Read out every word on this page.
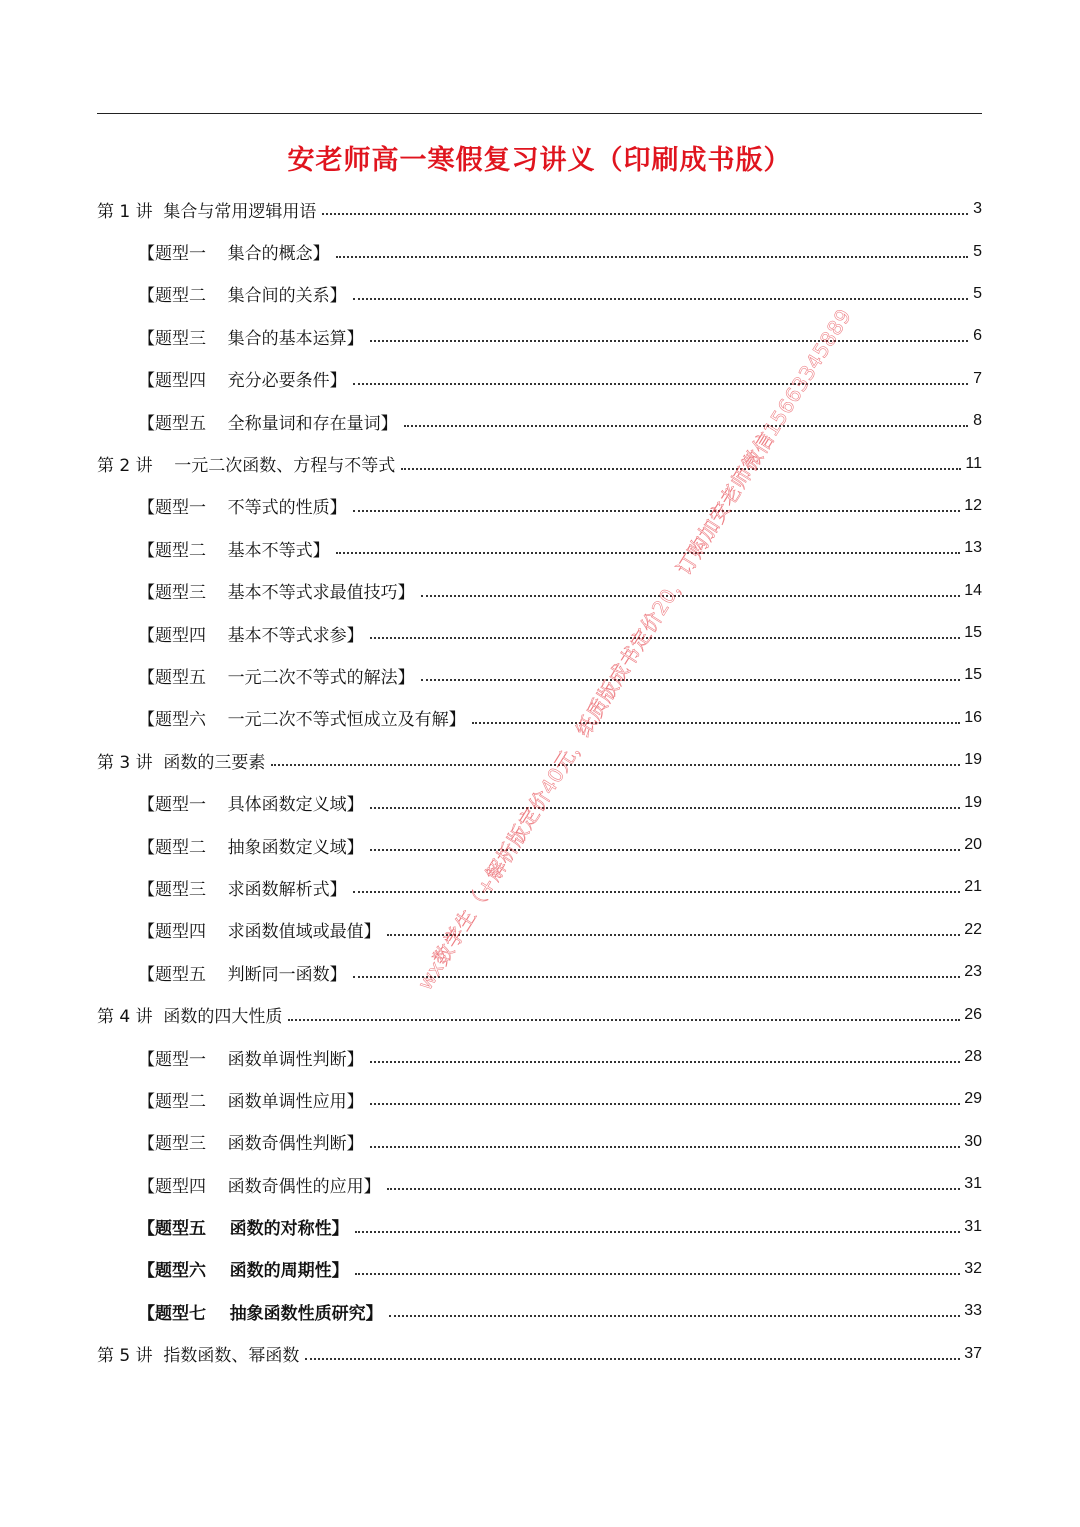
安老师高一寒假复习讲义（印刷成书版）
第 1 讲  集合与常用逻辑用语	3
【题型一    集合的概念】	5
【题型二    集合间的关系】	5
【题型三    集合的基本运算】	6
【题型四    充分必要条件】	7
【题型五    全称量词和存在量词】	8
第 2 讲    一元二次函数、方程与不等式	11
【题型一    不等式的性质】	12
【题型二    基本不等式】	13
【题型三    基本不等式求最值技巧】	14
【题型四    基本不等式求参】	15
【题型五    一元二次不等式的解法】	15
【题型六    一元二次不等式恒成立及有解】	16
第 3 讲  函数的三要素	19
【题型一    具体函数定义域】	19
【题型二    抽象函数定义域】	20
【题型三    求函数解析式】	21
【题型四    求函数值域或最值】	22
【题型五    判断同一函数】	23
第 4 讲  函数的四大性质	26
【题型一    函数单调性判断】	28
【题型二    函数单调性应用】	29
【题型三    函数奇偶性判断】	30
【题型四    函数奇偶性的应用】	31
【题型五    函数的对称性】	31
【题型六    函数的周期性】	32
【题型七    抽象函数性质研究】	33
第 5 讲  指数函数、幂函数	37
wx数学生（+解析版定价40元，纸质版成书定价20，订购加安老师微信15663345889
